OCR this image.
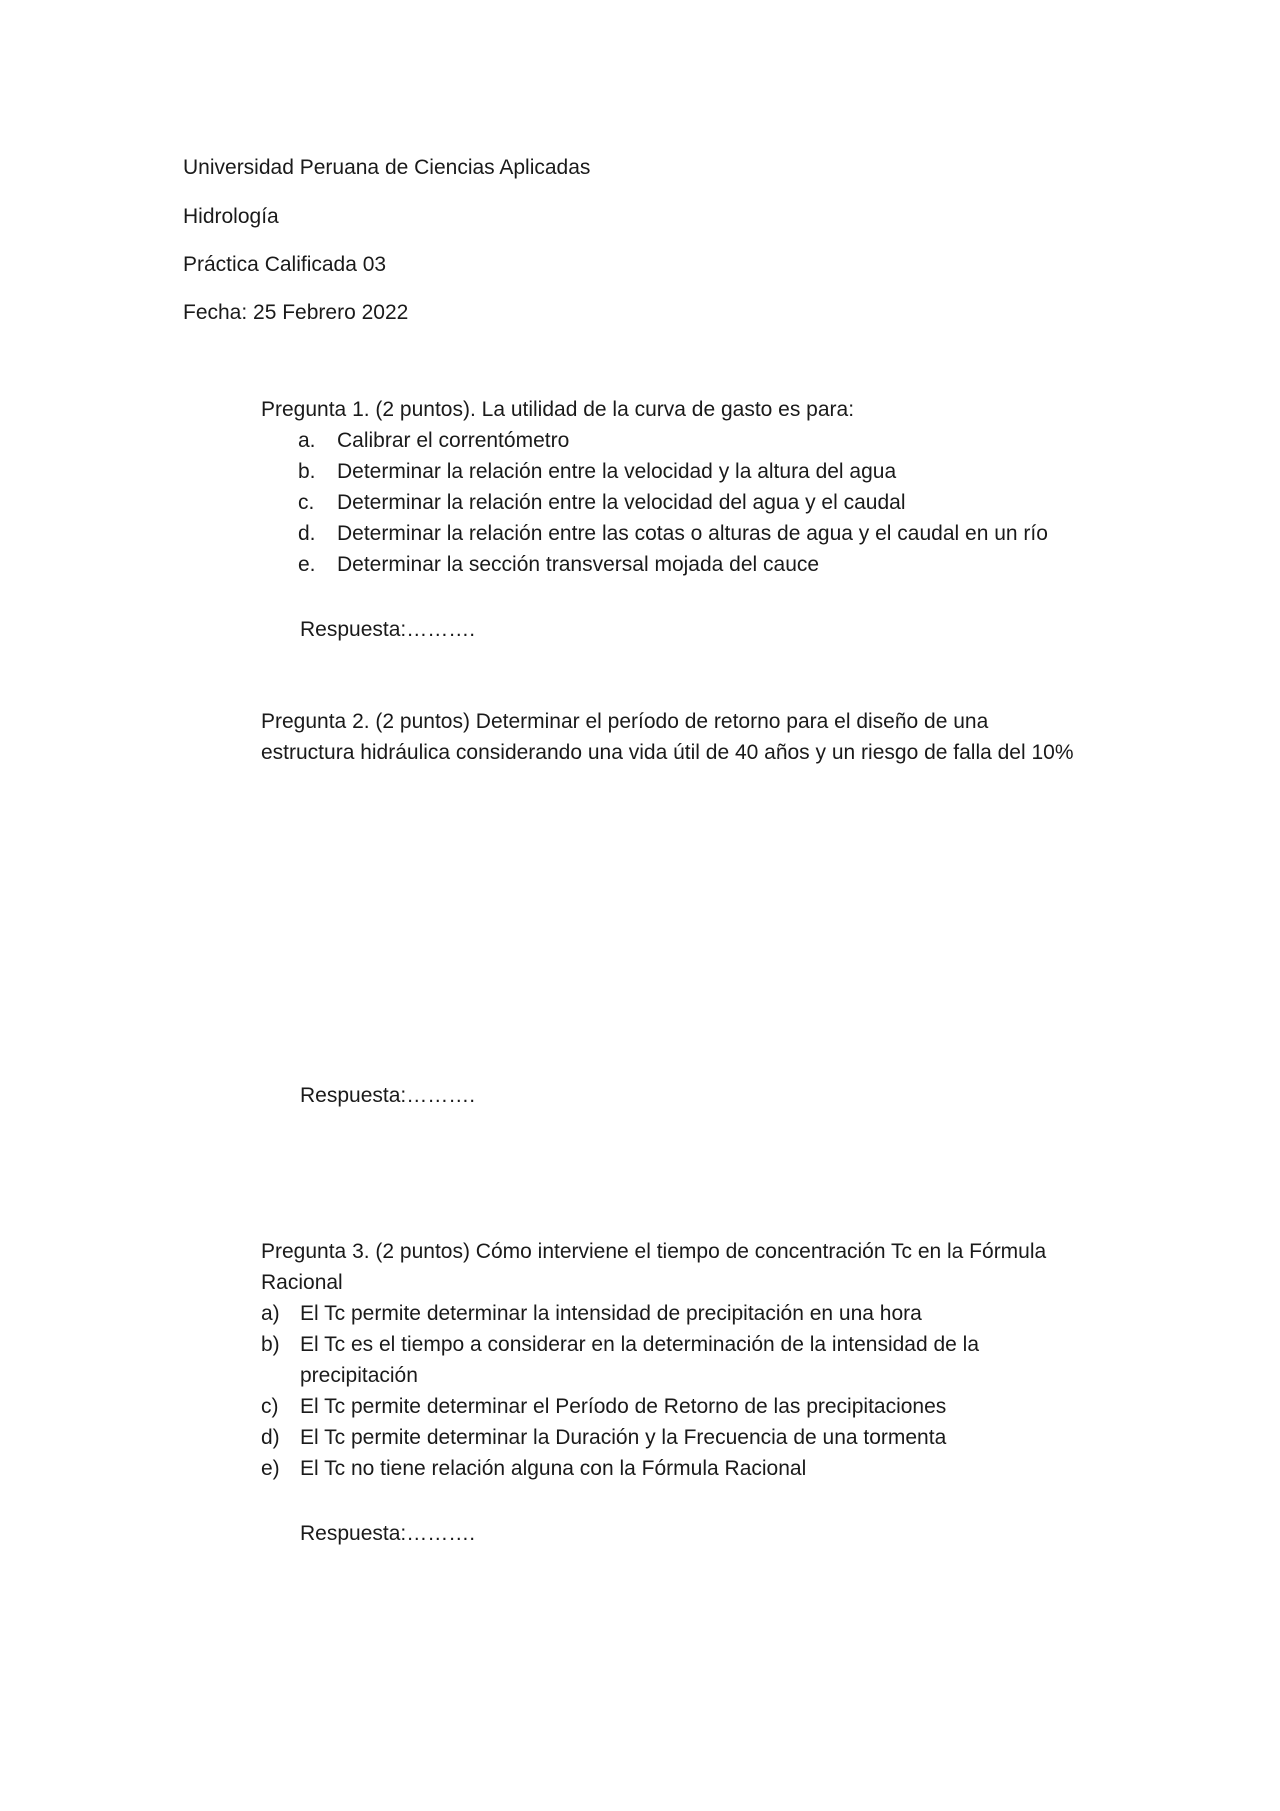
Universidad Peruana de Ciencias Aplicadas
Hidrología
Práctica Calificada 03
Fecha: 25 Febrero 2022
Pregunta 1. (2 puntos). La utilidad de la curva de gasto es para:
a. Calibrar el correntómetro
b. Determinar la relación entre la velocidad y la altura del agua
c. Determinar la relación entre la velocidad del agua y el caudal
d. Determinar la relación entre las cotas o alturas de agua y el caudal en un río
e. Determinar la sección transversal mojada del cauce
Respuesta:……….
Pregunta 2. (2 puntos) Determinar el período de retorno para el diseño de una
estructura hidráulica considerando una vida útil de 40 años y un riesgo de falla del 10%
Respuesta:……….
Pregunta 3. (2 puntos) Cómo interviene el tiempo de concentración Tc en la Fórmula
Racional
a) El Tc permite determinar la intensidad de precipitación en una hora
b) El Tc es el tiempo a considerar en la determinación de la intensidad de la
precipitación
c) El Tc permite determinar el Período de Retorno de las precipitaciones
d) El Tc permite determinar la Duración y la Frecuencia de una tormenta
e) El Tc no tiene relación alguna con la Fórmula Racional
Respuesta:……….
